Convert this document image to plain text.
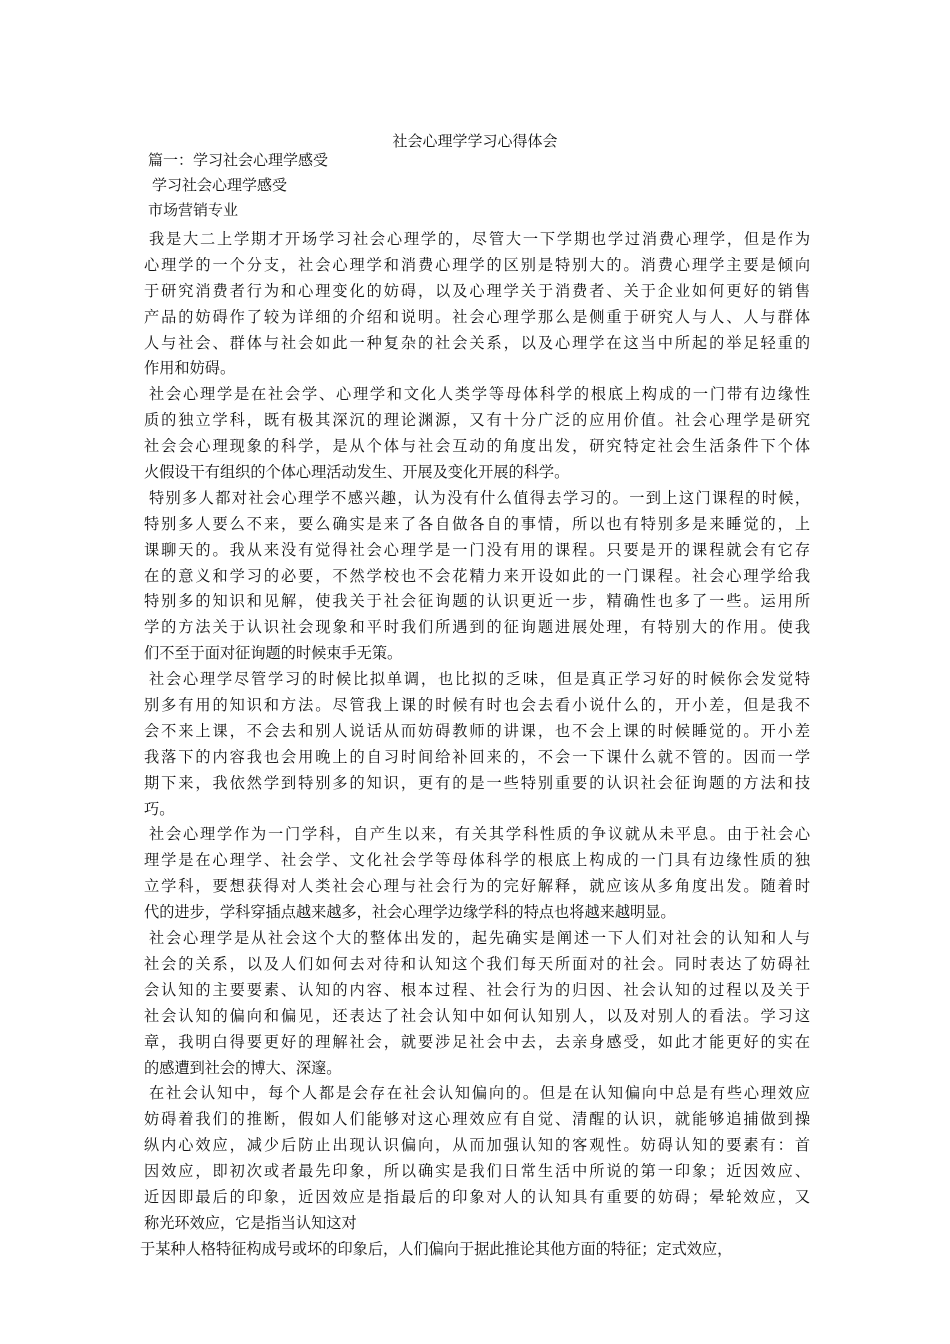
社会心理学学习心得体会
篇一：学习社会心理学感受
学习社会心理学感受
市场营销专业
我是大二上学期才开场学习社会心理学的，尽管大一下学期也学过消费心理学，但是作为
心理学的一个分支，社会心理学和消费心理学的区别是特别大的。消费心理学主要是倾向
于研究消费者行为和心理变化的妨碍，以及心理学关于消费者、关于企业如何更好的销售
产品的妨碍作了较为详细的介绍和说明。社会心理学那么是侧重于研究人与人、人与群体
人与社会、群体与社会如此一种复杂的社会关系，以及心理学在这当中所起的举足轻重的
作用和妨碍。
社会心理学是在社会学、心理学和文化人类学等母体科学的根底上构成的一门带有边缘性
质的独立学科，既有极其深沉的理论渊源，又有十分广泛的应用价值。社会心理学是研究
社会会心理现象的科学，是从个体与社会互动的角度出发，研究特定社会生活条件下个体
火假设干有组织的个体心理活动发生、开展及变化开展的科学。
特别多人都对社会心理学不感兴趣，认为没有什么值得去学习的。一到上这门课程的时候，
特别多人要么不来，要么确实是来了各自做各自的事情，所以也有特别多是来睡觉的，上
课聊天的。我从来没有觉得社会心理学是一门没有用的课程。只要是开的课程就会有它存
在的意义和学习的必要，不然学校也不会花精力来开设如此的一门课程。社会心理学给我
特别多的知识和见解，使我关于社会征询题的认识更近一步，精确性也多了一些。运用所
学的方法关于认识社会现象和平时我们所遇到的征询题进展处理，有特别大的作用。使我
们不至于面对征询题的时候束手无策。
社会心理学尽管学习的时候比拟单调，也比拟的乏味，但是真正学习好的时候你会发觉特
别多有用的知识和方法。尽管我上课的时候有时也会去看小说什么的，开小差，但是我不
会不来上课，不会去和别人说话从而妨碍教师的讲课，也不会上课的时候睡觉的。开小差
我落下的内容我也会用晚上的自习时间给补回来的，不会一下课什么就不管的。因而一学
期下来，我依然学到特别多的知识，更有的是一些特别重要的认识社会征询题的方法和技
巧。
社会心理学作为一门学科，自产生以来，有关其学科性质的争议就从未平息。由于社会心
理学是在心理学、社会学、文化社会学等母体科学的根底上构成的一门具有边缘性质的独
立学科，要想获得对人类社会心理与社会行为的完好解释，就应该从多角度出发。随着时
代的进步，学科穿插点越来越多，社会心理学边缘学科的特点也将越来越明显。
社会心理学是从社会这个大的整体出发的，起先确实是阐述一下人们对社会的认知和人与
社会的关系，以及人们如何去对待和认知这个我们每天所面对的社会。同时表达了妨碍社
会认知的主要要素、认知的内容、根本过程、社会行为的归因、社会认知的过程以及关于
社会认知的偏向和偏见，还表达了社会认知中如何认知别人，以及对别人的看法。学习这
章，我明白得要更好的理解社会，就要涉足社会中去，去亲身感受，如此才能更好的实在
的感遭到社会的博大、深邃。
在社会认知中，每个人都是会存在社会认知偏向的。但是在认知偏向中总是有些心理效应
妨碍着我们的推断，假如人们能够对这心理效应有自觉、清醒的认识，就能够追捕做到操
纵内心效应，减少后防止出现认识偏向，从而加强认知的客观性。妨碍认知的要素有：首
因效应，即初次或者最先印象，所以确实是我们日常生活中所说的第一印象；近因效应、
近因即最后的印象，近因效应是指最后的印象对人的认知具有重要的妨碍；晕轮效应，又
称光环效应，它是指当认知这对
于某种人格特征构成号或坏的印象后，人们偏向于据此推论其他方面的特征；定式效应，
